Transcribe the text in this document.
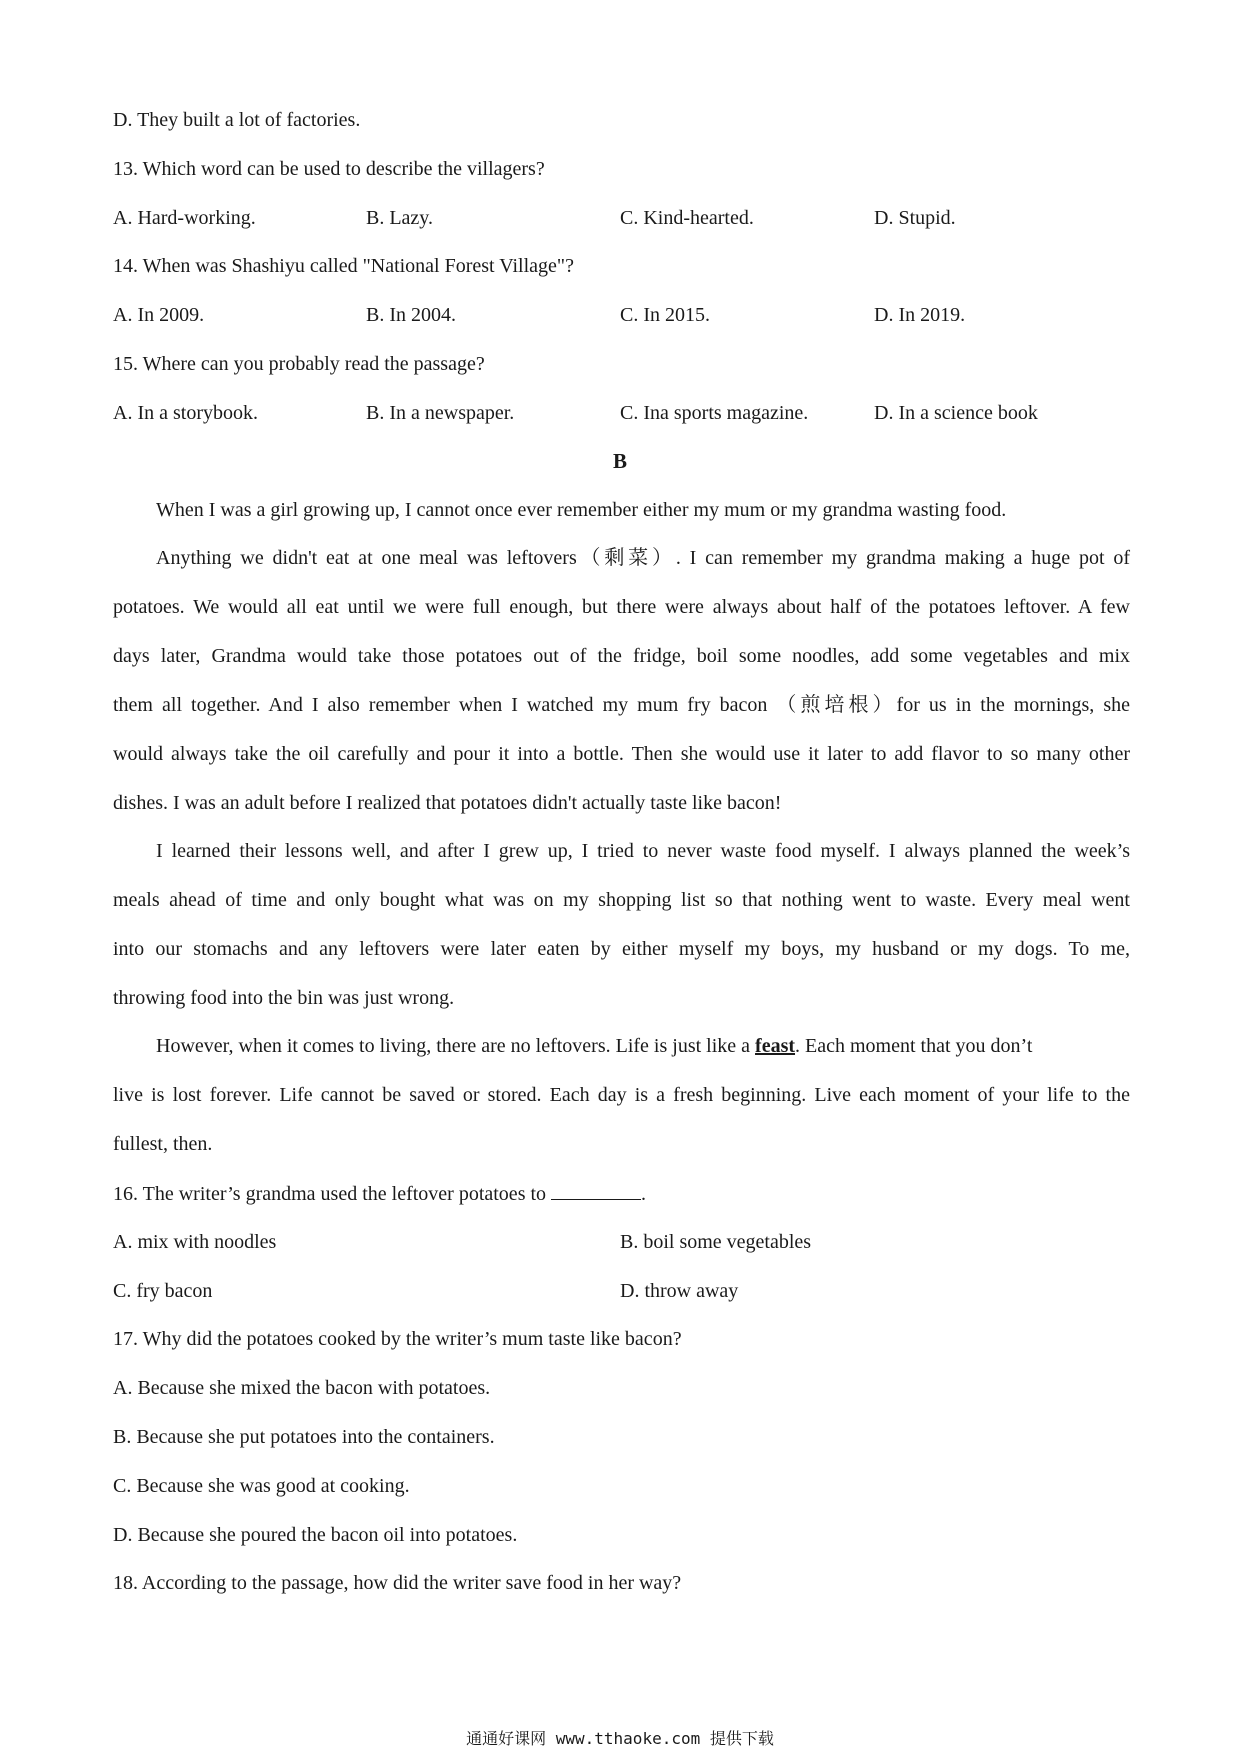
D. They built a lot of factories.
13. Which word can be used to describe the villagers?
A. Hard-working.	B. Lazy.	C. Kind-hearted.	D. Stupid.
14. When was Shashiyu called "National Forest Village"?
A. In 2009.	B. In 2004.	C. In 2015.	D. In 2019.
15. Where can you probably read the passage?
A. In a storybook.	B. In a newspaper.	C. Ina sports magazine.	D. In a science book
B
When I was a girl growing up, I cannot once ever remember either my mum or my grandma wasting food.
Anything we didn't eat at one meal was leftovers（剩菜）. I can remember my grandma making a huge pot of
potatoes. We would all eat until we were full enough, but there were always about half of the potatoes leftover. A few
days later, Grandma would take those potatoes out of the fridge, boil some noodles, add some vegetables and mix
them all together. And I also remember when I watched my mum fry bacon （煎培根）for us in the mornings, she
would always take the oil carefully and pour it into a bottle. Then she would use it later to add flavor to so many other
dishes. I was an adult before I realized that potatoes didn't actually taste like bacon!
I learned their lessons well, and after I grew up, I tried to never waste food myself. I always planned the week’s
meals ahead of time and only bought what was on my shopping list so that nothing went to waste. Every meal went
into our stomachs and any leftovers were later eaten by either myself my boys, my husband or my dogs. To me,
throwing food into the bin was just wrong.
However, when it comes to living, there are no leftovers. Life is just like a feast. Each moment that you don’t
live is lost forever. Life cannot be saved or stored. Each day is a fresh beginning. Live each moment of your life to the
fullest, then.
16. The writer’s grandma used the leftover potatoes to	.
A. mix with noodles	B. boil some vegetables
C. fry bacon	D. throw away
17. Why did the potatoes cooked by the writer’s mum taste like bacon?
A. Because she mixed the bacon with potatoes.
B. Because she put potatoes into the containers.
C. Because she was good at cooking.
D. Because she poured the bacon oil into potatoes.
18. According to the passage, how did the writer save food in her way?
通通好课网 www.tthaoke.com 提供下载
